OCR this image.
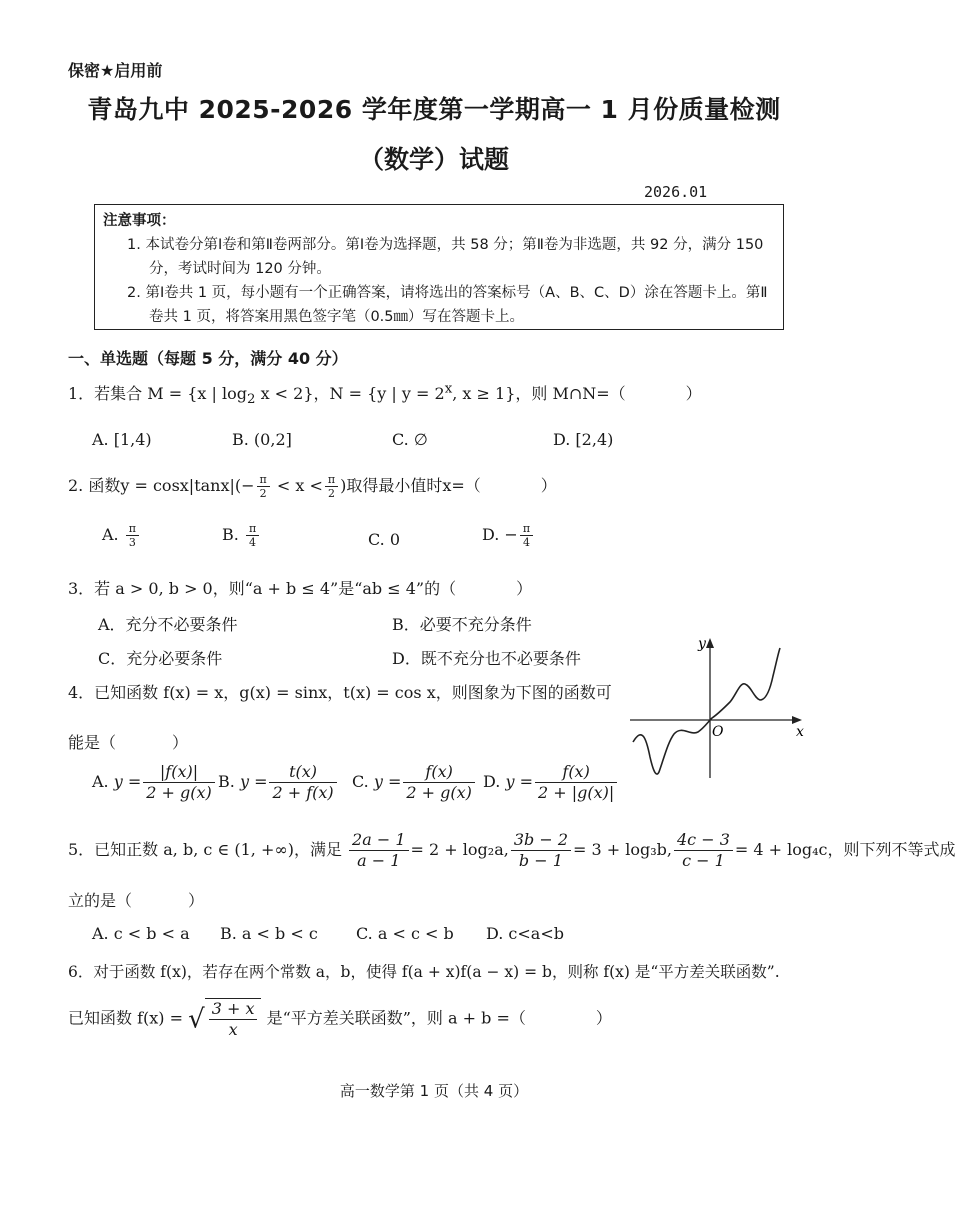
保密★启用前
青岛九中 2025-2026 学年度第一学期高一 1 月份质量检测
（数学）试题
2026.01
注意事项：
1. 本试卷分第Ⅰ卷和第Ⅱ卷两部分。第Ⅰ卷为选择题，共 58 分；第Ⅱ卷为非选题，共 92 分，满分 150 分，考试时间为 120 分钟。
2. 第Ⅰ卷共 1 页，每小题有一个正确答案，请将选出的答案标号（A、B、C、D）涂在答题卡上。第Ⅱ卷共 1 页，将答案用黑色签字笔（0.5㎜）写在答题卡上。
一、单选题（每题 5 分，满分 40 分）
1．若集合 M = {x | $\log_2 x < 2$}，N = {y | $y = 2^x$, x ≥ 1}，则 M∩N=（	）
A. [1,4)	B. (0,2]	C. ∅	D. [2,4)
2. 函数$y = \cos x|\tan x|(- \frac{\pi}{2} < x < \frac{\pi}{2}$ )取得最小值时x=（	）
A. $\frac{\pi}{3}$	B. $\frac{\pi}{4}$	C. 0	D. − $\frac{\pi}{4}$
3．若 a > 0, b > 0，则“a + b ≤ 4”是“ab ≤ 4”的（	）
A．充分不必要条件	B．必要不充分条件
C．充分必要条件	D．既不充分也不必要条件
4．已知函数 f(x) = x，g(x) = sinx，t(x) = cos x，则图象为下图的函数可
能是（	）
A. $y = \frac{|f(x)|}{2 + g(x)} B$. $y = \frac{t(x)}{2 + f(x)} C$. $y = \frac{f(x)}{2 + g(x)} D$. $y = \frac{f(x)}{2 + |g(x)|}$
y
x
O
5．已知正数 a, b, c ∈ (1, +∞)，满足 $\frac{2a - 1}{a - 1} = 2 + \log_2a$, $\frac{3b - 2}{b - 1} = 3 + \log_3b$, $\frac{4c - 3}{c - 1} = 4 + \log_4c$，则下列不等式成
立的是（	）
A. c < b < a B. a < b < c C. a < c < b D. c<a<b
6．对于函数 f(x)，若存在两个常数 a，b，使得 f(a + x)f(a − x) = b，则称 f(x) 是“平方差关联函数”.
已知函数 f(x) = √ $\frac{3 + x}{x}$ 是“平方差关联函数”，则 a + b =（	）
高一数学第 1 页（共 4 页）
